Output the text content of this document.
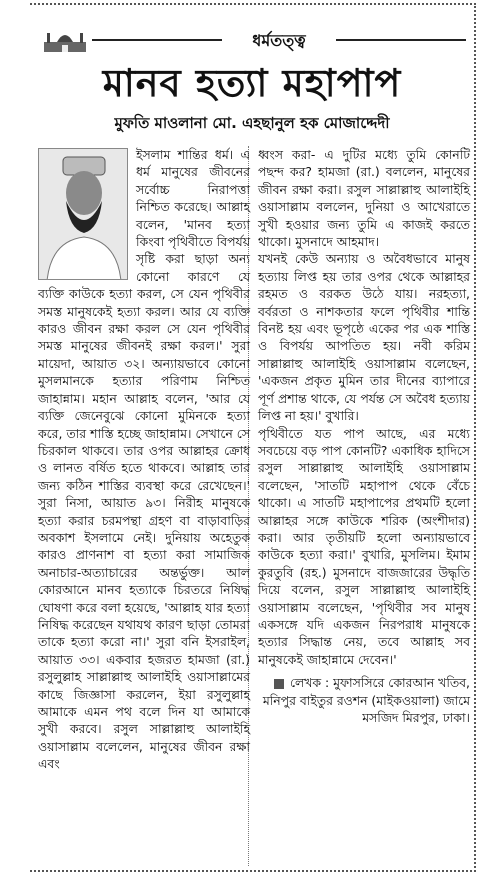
ধর্মতত্ত্ব
মানব হত্যা মহাপাপ
মুফতি মাওলানা মো. এহছানুল হক মোজাদ্দেদী

ইসলাম শান্তির ধর্ম। এ ধর্ম মানুষের জীবনের সর্বোচ্চ নিরাপত্তা নিশ্চিত করেছে। আল্লাহ বলেন, 'মানব হত্যা কিংবা পৃথিবীতে বিপর্যয় সৃষ্টি করা ছাড়া অন্য কোনো কারণে যে ব্যক্তি কাউকে হত্যা করল, সে যেন পৃথিবীর সমস্ত মানুষকেই হত্যা করল। আর যে ব্যক্তি কারও জীবন রক্ষা করল সে যেন পৃথিবীর সমস্ত মানুষের জীবনই রক্ষা করল।' সুরা মায়েদা, আয়াত ৩২। অন্যায়ভাবে কোনো মুসলমানকে হত্যার পরিণাম নিশ্চিত জাহান্নাম। মহান আল্লাহ বলেন, 'আর যে ব্যক্তি জেনেবুঝে কোনো মুমিনকে হত্যা করে, তার শাস্তি হচ্ছে জাহান্নাম। সেখানে সে চিরকাল থাকবে। তার ওপর আল্লাহর ক্রোধ ও লানত বর্ষিত হতে থাকবে। আল্লাহ তার জন্য কঠিন শাস্তির ব্যবস্থা করে রেখেছেন।' সুরা নিসা, আয়াত ৯৩। নিরীহ মানুষকে হত্যা করার চরমপন্থা গ্রহণ বা বাড়াবাড়ির অবকাশ ইসলামে নেই। দুনিয়ায় অহেতুক কারও প্রাণনাশ বা হত্যা করা সামাজিক অনাচার-অত্যাচারের অন্তর্ভুক্ত। আল কোরআনে মানব হত্যাকে চিরতরে নিষিদ্ধ ঘোষণা করে বলা হয়েছে, 'আল্লাহ যার হত্যা নিষিদ্ধ করেছেন যথাযথ কারণ ছাড়া তোমরা তাকে হত্যা করো না।' সুরা বনি ইসরাইল, আয়াত ৩৩। একবার হজরত হামজা (রা.) রসুলুল্লাহ সাল্লাল্লাহু আলাইহি ওয়াসাল্লামের কাছে জিজ্ঞাসা করলেন, ইয়া রসুলুল্লাহ আমাকে এমন পথ বলে দিন যা আমাকে সুখী করবে। রসুল সাল্লাল্লাহু আলাইহি ওয়াসাল্লাম বলেলেন, মানুষের জীবন রক্ষা এবং

ধ্বংস করা- এ দুটির মধ্যে তুমি কোনটি পছন্দ কর? হামজা (রা.) বললেন, মানুষের জীবন রক্ষা করা। রসুল সাল্লাল্লাহু আলাইহি ওয়াসাল্লাম বললেন, দুনিয়া ও আখেরাতে সুখী হওয়ার জন্য তুমি এ কাজই করতে থাকো। মুসনাদে আহমাদ।

যখনই কেউ অন্যায় ও অবৈধভাবে মানুষ হত্যায় লিপ্ত হয় তার ওপর থেকে আল্লাহর রহমত ও বরকত উঠে যায়। নরহত্যা, বর্বরতা ও নাশকতার ফলে পৃথিবীর শান্তি বিনষ্ট হয় এবং ভূপৃষ্ঠে একের পর এক শাস্তি ও বিপর্যয় আপতিত হয়। নবী করিম সাল্লাল্লাহু আলাইহি ওয়াসাল্লাম বলেছেন, 'একজন প্রকৃত মুমিন তার দীনের ব্যাপারে পূর্ণ প্রশান্ত থাকে, যে পর্যন্ত সে অবৈধ হত্যায় লিপ্ত না হয়।' বুখারি।

পৃথিবীতে যত পাপ আছে, এর মধ্যে সবচেয়ে বড় পাপ কোনটি? একাধিক হাদিসে রসুল সাল্লাল্লাহু আলাইহি ওয়াসাল্লাম বলেছেন, 'সাতটি মহাপাপ থেকে বেঁচে থাকো। এ সাতটি মহাপাপের প্রথমটি হলো আল্লাহর সঙ্গে কাউকে শরিক (অংশীদার) করা। আর তৃতীয়টি হলো অন্যায়ভাবে কাউকে হত্যা করা।' বুখারি, মুসলিম। ইমাম কুরতুবি (রহ.) মুসনাদে বাজজারের উদ্ধৃতি দিয়ে বলেন, রসুল সাল্লাল্লাহু আলাইহি ওয়াসাল্লাম বলেছেন, 'পৃথিবীর সব মানুষ একসঙ্গে যদি একজন নিরপরাধ মানুষকে হত্যার সিদ্ধান্ত নেয়, তবে আল্লাহ সব মানুষকেই জাহান্নামে দেবেন।'

লেখক : মুফাসসিরে কোরআন খতিব, মনিপুর বাইতুর রওশন (মাইকওয়ালা) জামে মসজিদ মিরপুর, ঢাকা।
